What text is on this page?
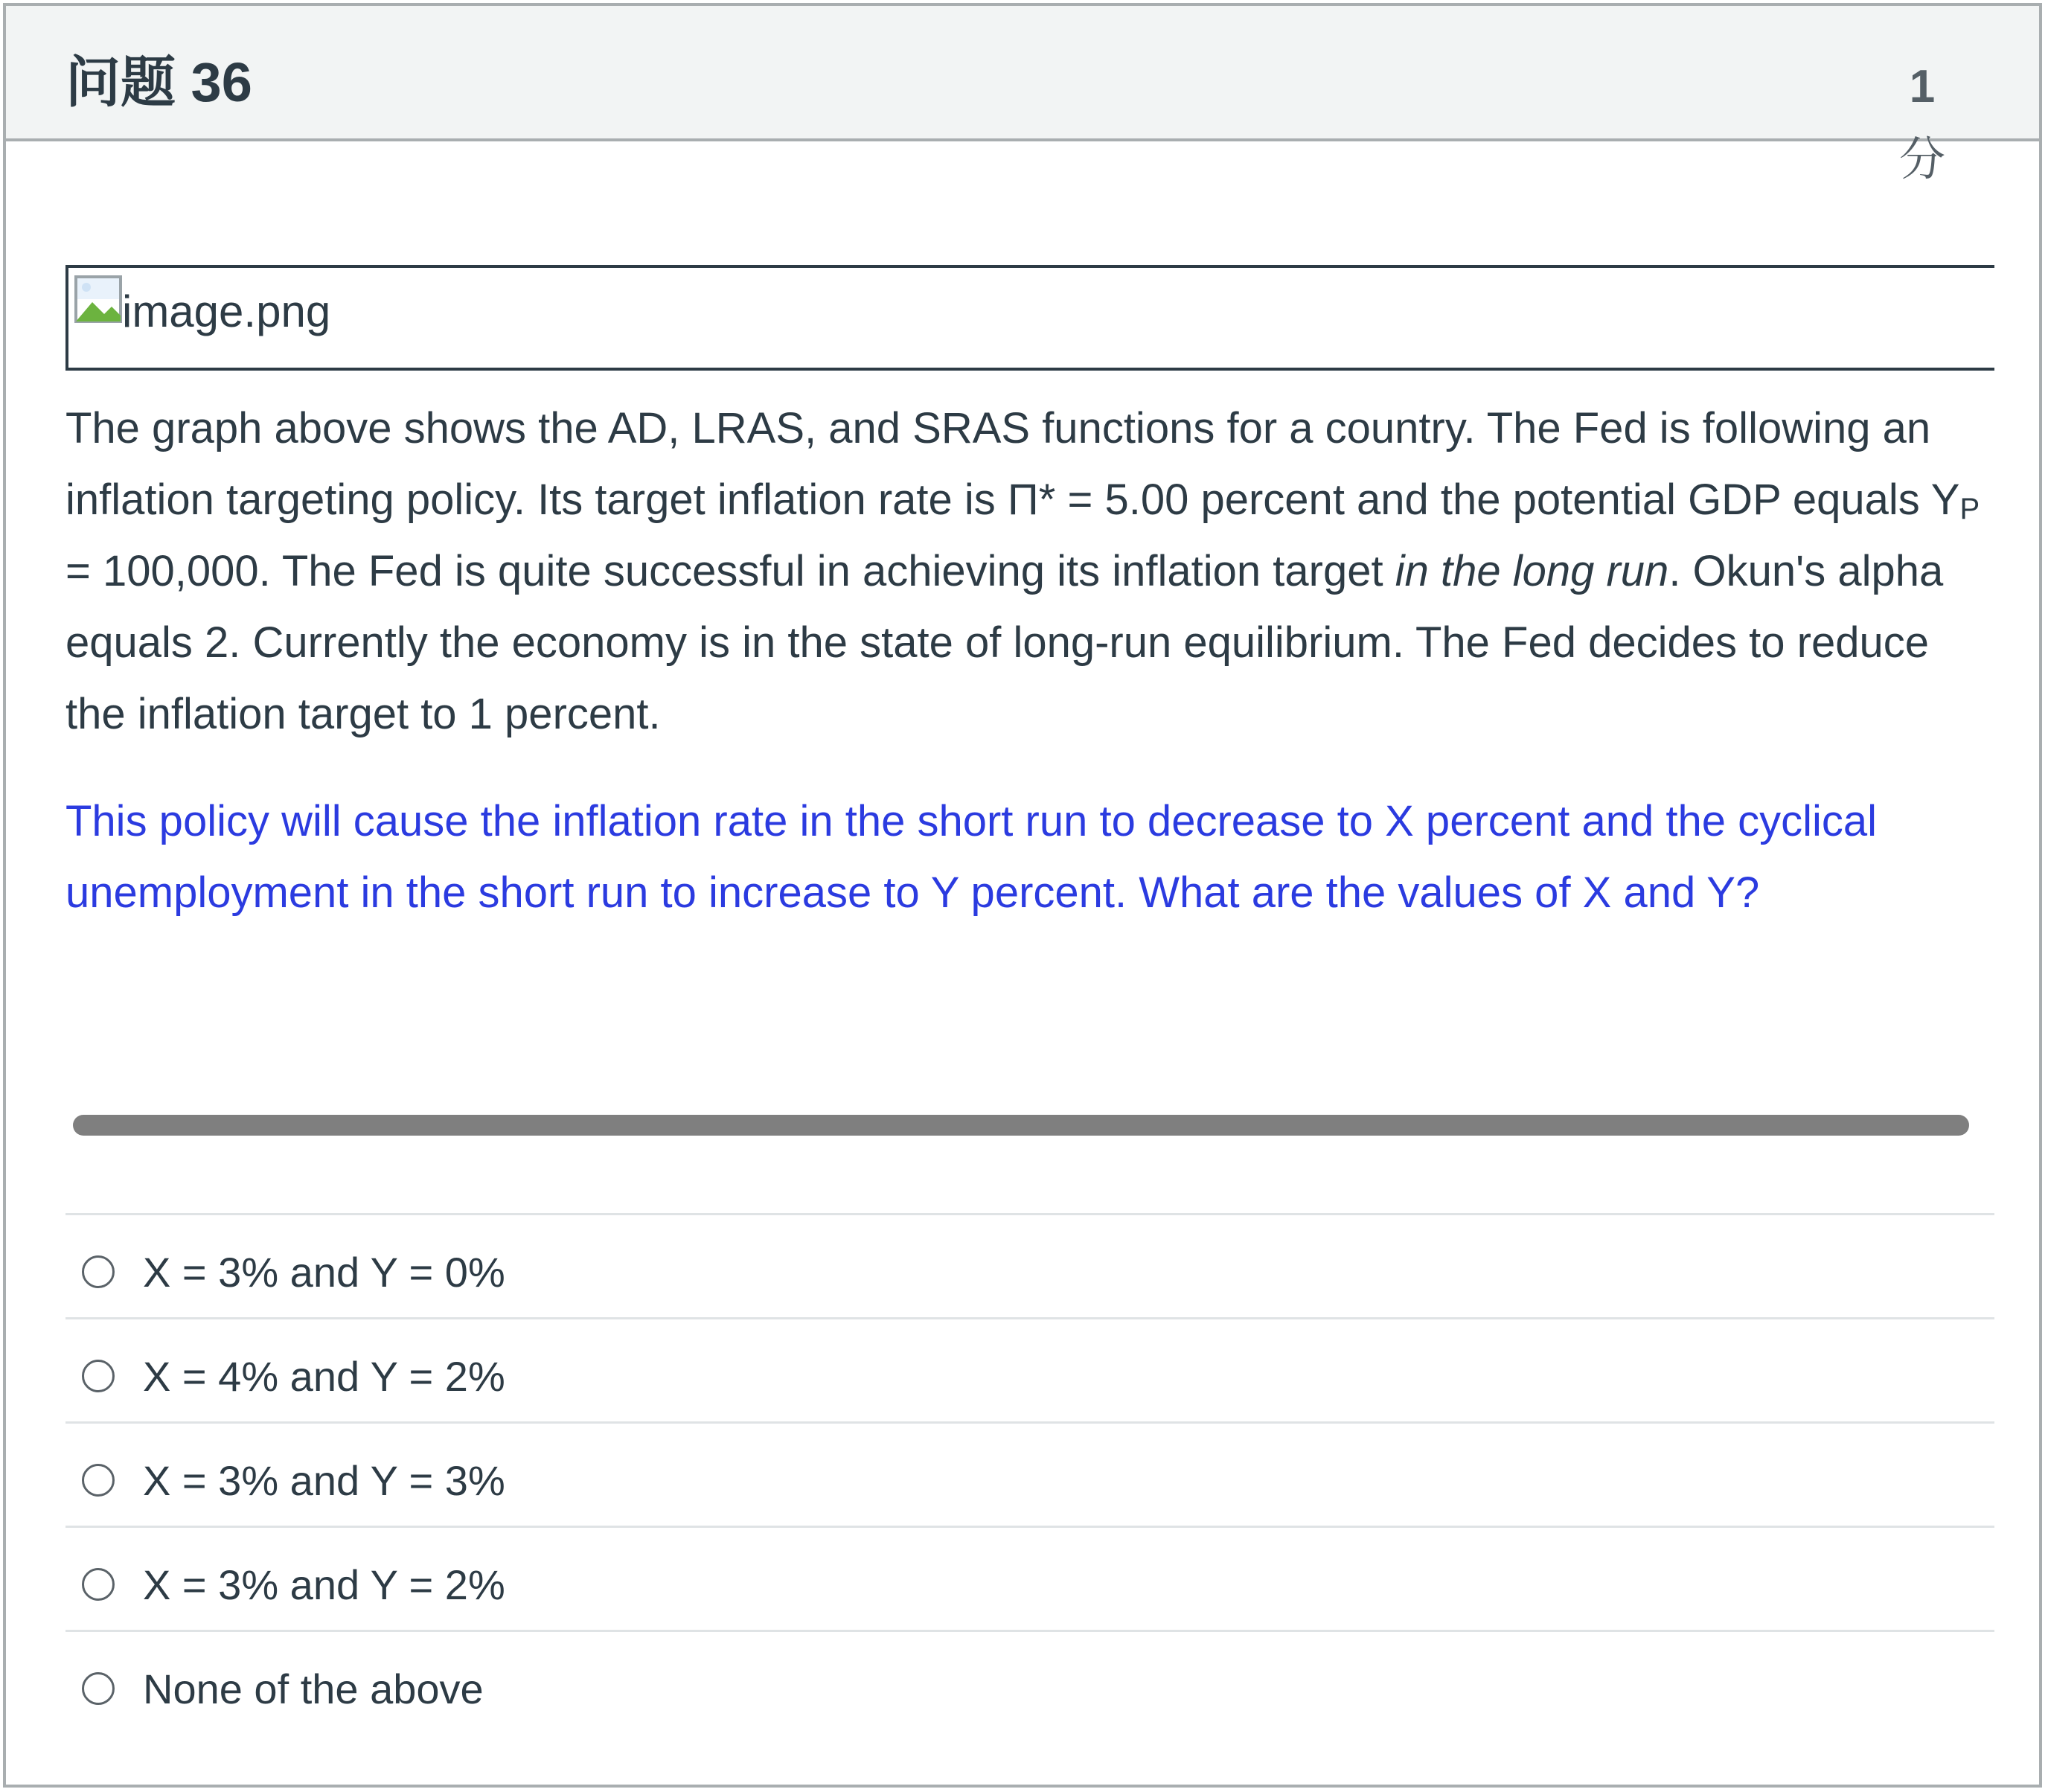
问题 36	1
分
image.png

The graph above shows the AD, LRAS, and SRAS functions for a country. The Fed is following an inflation targeting policy. Its target inflation rate is Π* = 5.00 percent and the potential GDP equals $Y_P = 100,000$. The Fed is quite successful in achieving its inflation target in the long run. Okun's alpha equals 2. Currently the economy is in the state of long-run equilibrium. The Fed decides to reduce the inflation target to 1 percent.

This policy will cause the inflation rate in the short run to decrease to X percent and the cyclical unemployment in the short run to increase to Y percent. What are the values of X and Y?

X = 3% and Y = 0%
X = 4% and Y = 2%
X = 3% and Y = 3%
X = 3% and Y = 2%
None of the above
